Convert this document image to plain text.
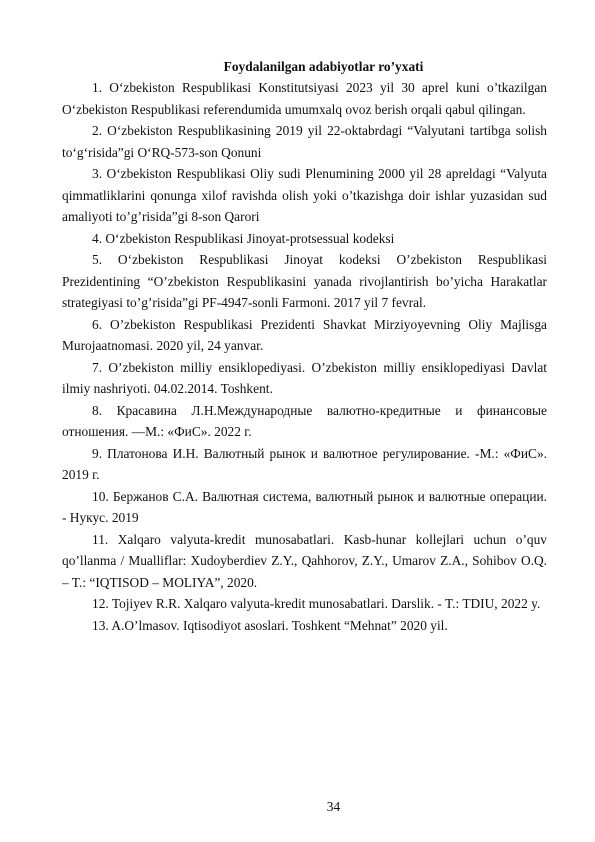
Foydalanilgan adabiyotlar ro’yxati

1. O‘zbekiston Respublikasi Konstitutsiyasi 2023 yil 30 aprel kuni o’tkazilgan O‘zbekiston Respublikasi referendumida umumxalq ovoz berish orqali qabul qilingan.
2. O‘zbekiston Respublikasining 2019 yil 22-oktabrdagi “Valyutani tartibga solish to‘g‘risida”gi O‘RQ-573-son Qonuni
3. O‘zbekiston Respublikasi Oliy sudi Plenumining 2000 yil 28 apreldagi “Valyuta qimmatliklarini qonunga xilof ravishda olish yoki o’tkazishga doir ishlar yuzasidan sud amaliyoti to’g’risida”gi 8-son Qarori
4. O‘zbekiston Respublikasi Jinoyat-protsessual kodeksi
5. O‘zbekiston Respublikasi Jinoyat kodeksi O’zbekiston Respublikasi Prezidentining “O’zbekiston Respublikasini yanada rivojlantirish bo’yicha Harakatlar strategiyasi to’g’risida”gi PF-4947-sonli Farmoni. 2017 yil 7 fevral.
6. O’zbekiston Respublikasi Prezidenti Shavkat Mirziyoyevning Oliy Majlisga Murojaatnomasi. 2020 yil, 24 yanvar.
7. O’zbekiston milliy ensiklopediyasi. O’zbekiston milliy ensiklopediyasi Davlat ilmiy nashriyoti. 04.02.2014. Toshkent.
8. Красавина Л.Н.Международные валютно-кредитные и финансовые отношения. —М.: «ФиС». 2022 г.
9. Платонова И.Н. Валютный рынок и валютное регулирование. -М.: «ФиС». 2019 г.
10. Бержанов С.А. Валютная система, валютный рынок и валютные операции. - Нукус. 2019
11. Xalqaro valyuta-kredit munosabatlari. Kasb-hunar kollejlari uchun o’quv qo’llanma / Mualliflar: Xudoyberdiev Z.Y., Qahhorov, Z.Y., Umarov Z.A., Sohibov O.Q. – T.: “IQTISOD – MOLIYA”, 2020.
12. Tojiyev R.R. Xalqaro valyuta-kredit munosabatlari. Darslik. - T.: TDIU, 2022 y.
13. A.O’lmasov. Iqtisodiyot asoslari. Toshkent “Mehnat” 2020 yil.
34
